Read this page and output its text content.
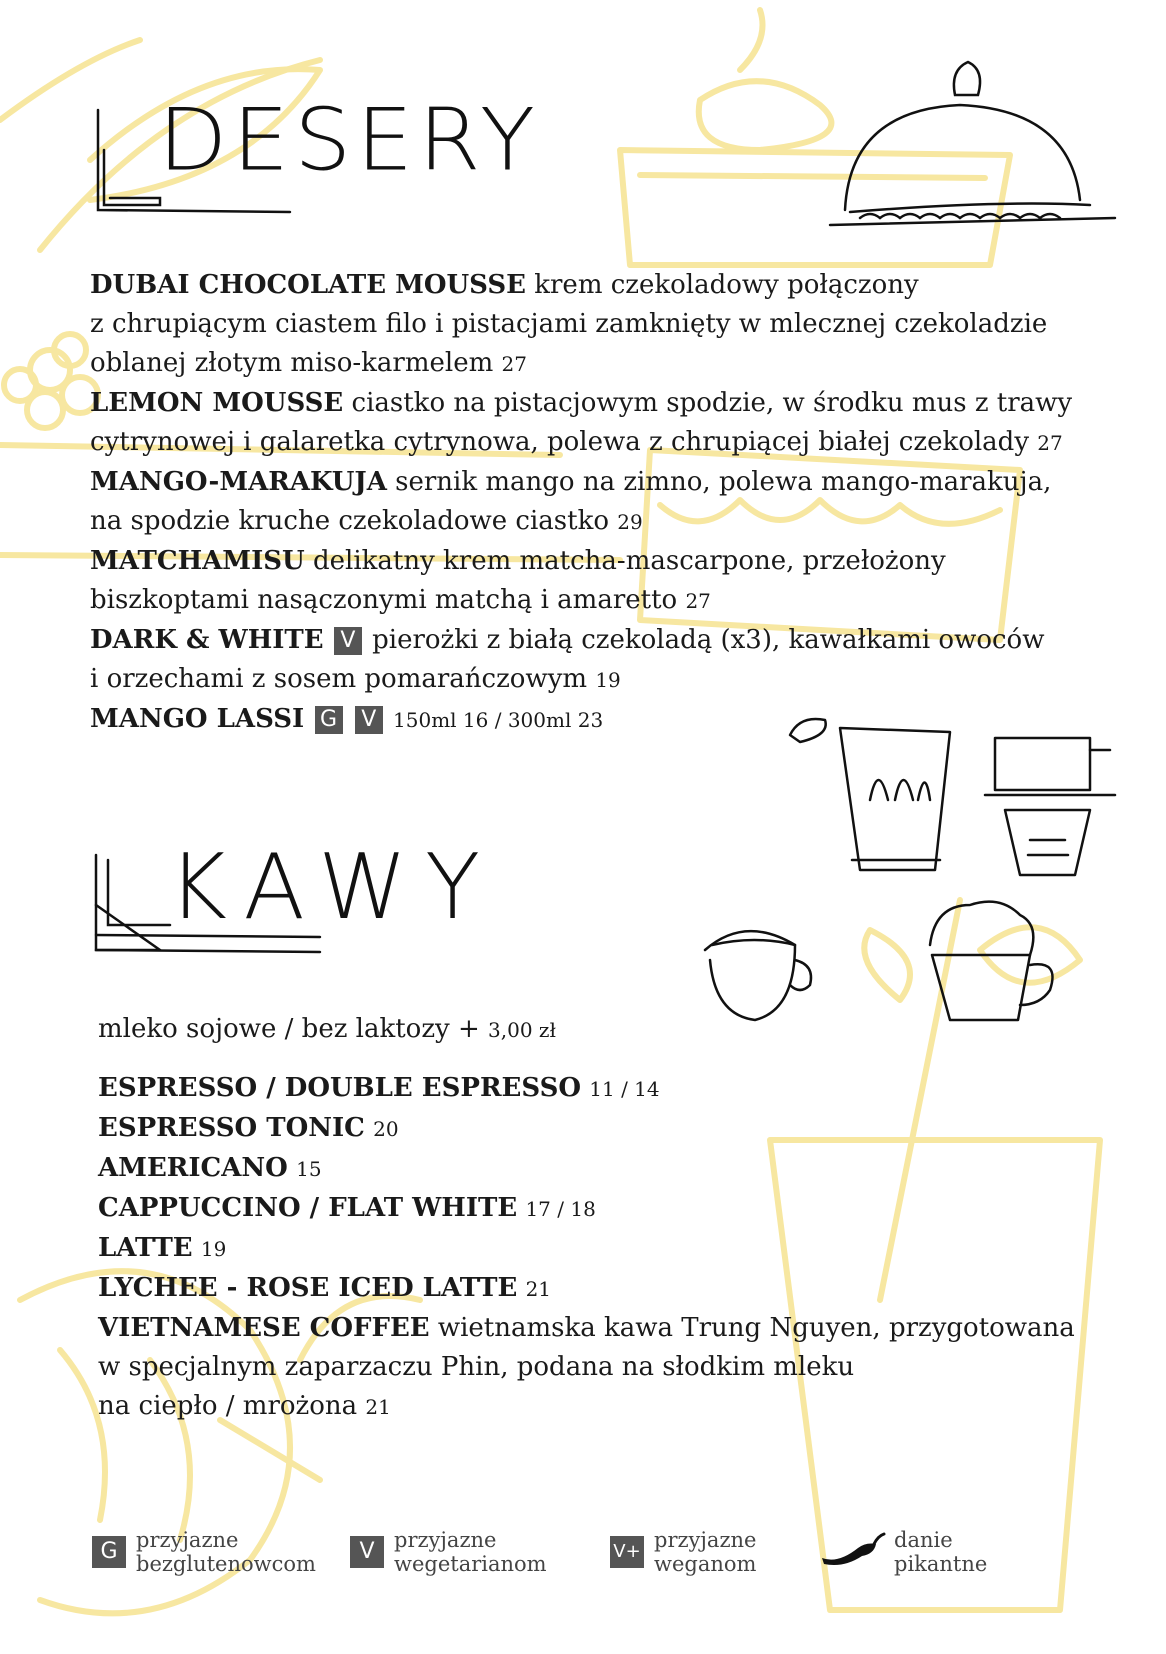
DESERY
KAWY

DUBAI CHOCOLATE MOUSSE krem czekoladowy połączony
z chrupiącym ciastem filo i pistacjami zamknięty w mlecznej czekoladzie
oblanej złotym miso-karmelem 27

LEMON MOUSSE ciastko na pistacjowym spodzie, w środku mus z trawy
cytrynowej i galaretka cytrynowa, polewa z chrupiącej białej czekolady 27

MANGO-MARAKUJA sernik mango na zimno, polewa mango-marakuja,
na spodzie kruche czekoladowe ciastko 29

MATCHAMISU delikatny krem matcha-mascarpone, przełożony
biszkoptami nasączonymi matchą i amaretto 27

DARK & WHITE V pierożki z białą czekoladą (x3), kawałkami owoców
i orzechami z sosem pomarańczowym 19

MANGO LASSI G V 150ml 16 / 300ml 23

mleko sojowe / bez laktozy + 3,00 zł

ESPRESSO / DOUBLE ESPRESSO 11 / 14

ESPRESSO TONIC 20

AMERICANO 15

CAPPUCCINO / FLAT WHITE 17 / 18

LATTE 19

LYCHEE - ROSE ICED LATTE 21

VIETNAMESE COFFEE wietnamska kawa Trung Nguyen, przygotowana
w specjalnym zaparzaczu Phin, podana na słodkim mleku
na ciepło / mrożona 21

G przyjazne
bezglutenowcom	V przyjazne
wegetarianom
V+ przyjazne
weganom
danie
pikantne
